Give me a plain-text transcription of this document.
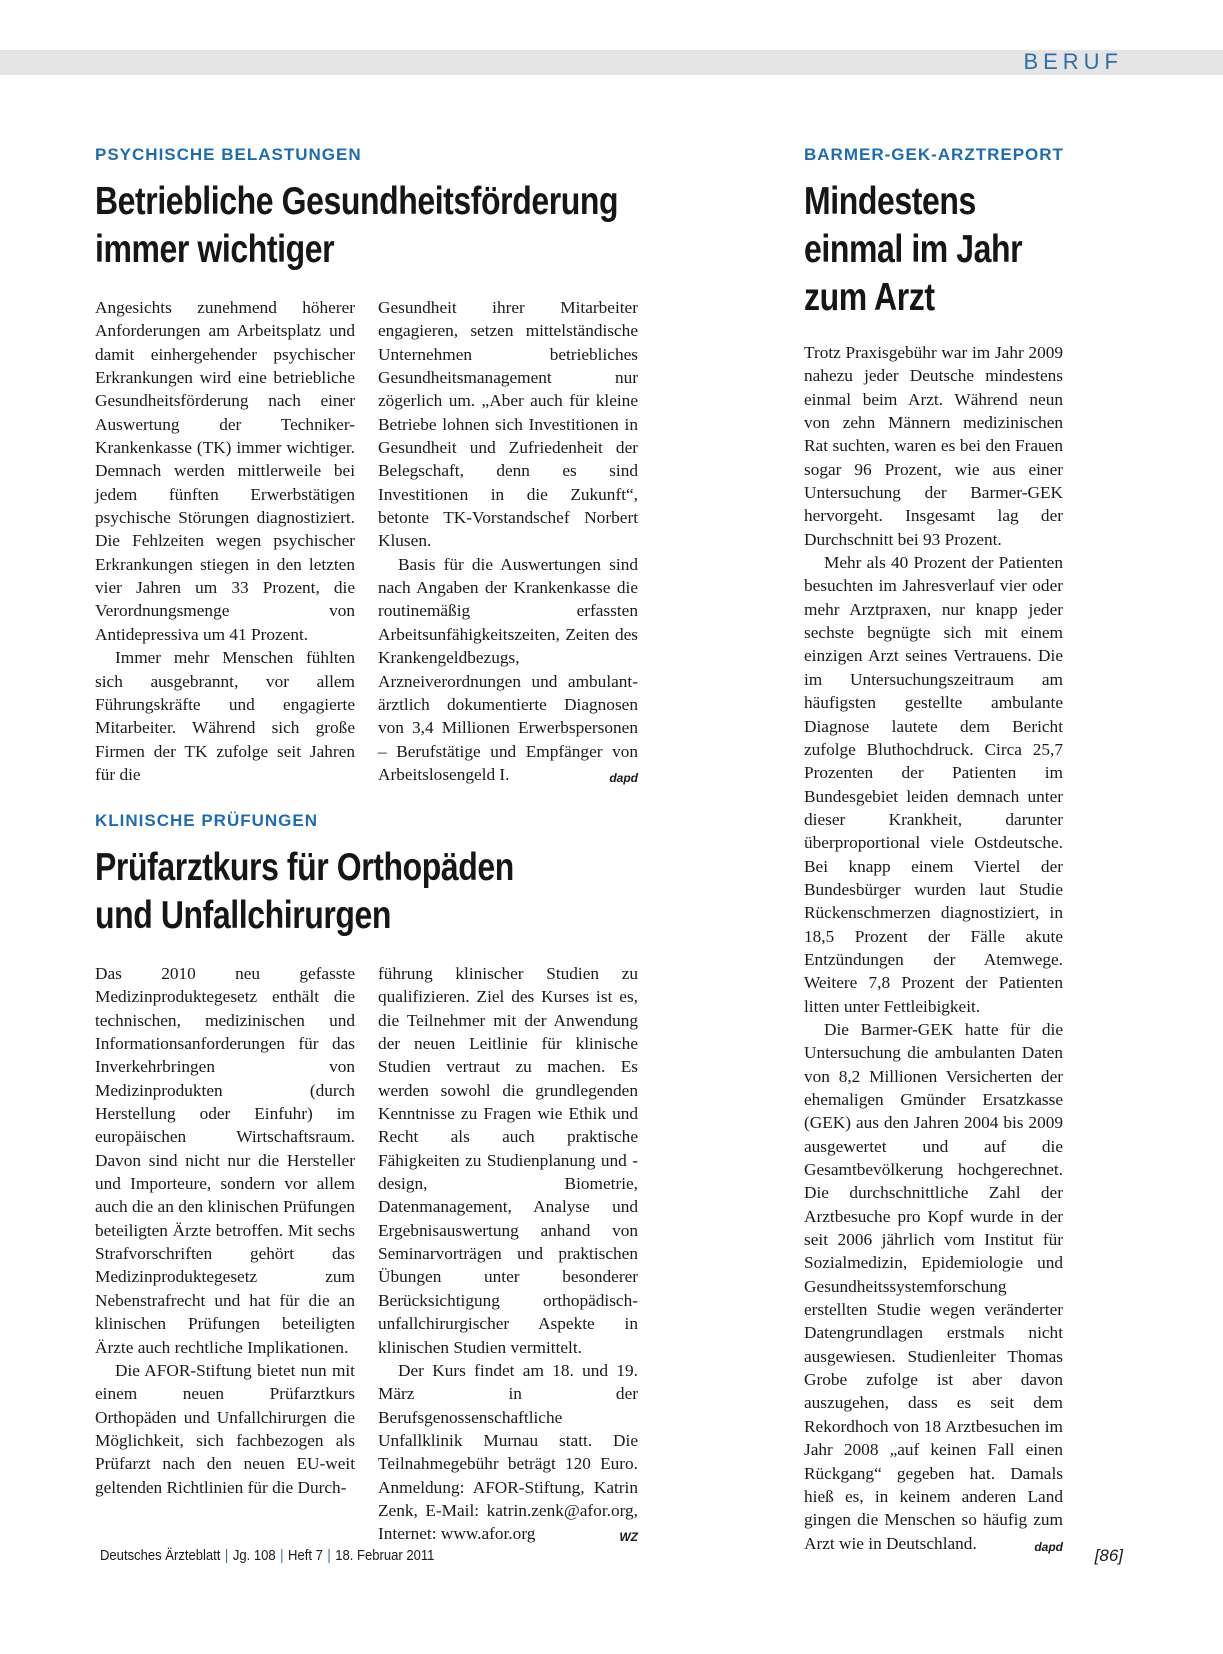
BERUF
PSYCHISCHE BELASTUNGEN
Betriebliche Gesundheitsförderung
immer wichtiger

Angesichts zunehmend höherer Anforderungen am Arbeitsplatz und damit einhergehender psychischer Erkrankungen wird eine betriebliche Gesundheitsförderung nach einer Auswertung der Techniker-Krankenkasse (TK) immer wichtiger. Demnach werden mittlerweile bei jedem fünften Erwerbstätigen psychische Störungen diagnostiziert. Die Fehlzeiten wegen psychischer Erkrankungen stiegen in den letzten vier Jahren um 33 Prozent, die Verordnungsmenge von Antidepressiva um 41 Prozent.

Immer mehr Menschen fühlten sich ausgebrannt, vor allem Führungskräfte und engagierte Mitarbeiter. Während sich große Firmen der TK zufolge seit Jahren für die

Gesundheit ihrer Mitarbeiter engagieren, setzen mittelständische Unternehmen betriebliches Gesundheitsmanagement nur zögerlich um. „Aber auch für kleine Betriebe lohnen sich Investitionen in Gesundheit und Zufriedenheit der Belegschaft, denn es sind Investitionen in die Zukunft“, betonte TK-Vorstandschef Norbert Klusen.

Basis für die Auswertungen sind nach Angaben der Krankenkasse die routinemäßig erfassten Arbeitsunfähigkeitszeiten, Zeiten des Krankengeldbezugs, Arzneiverordnungen und ambulant-ärztlich dokumentierte Diagnosen von 3,4 Millionen Erwerbspersonen – Berufstätige und Empfänger von Arbeitslosengeld I.	dapd

KLINISCHE PRÜFUNGEN
Prüfarztkurs für Orthopäden
und Unfallchirurgen

Das 2010 neu gefasste Medizinproduktegesetz enthält die technischen, medizinischen und Informationsanforderungen für das Inverkehrbringen von Medizinprodukten (durch Herstellung oder Einfuhr) im europäischen Wirtschaftsraum. Davon sind nicht nur die Hersteller und Importeure, sondern vor allem auch die an den klinischen Prüfungen beteiligten Ärzte betroffen. Mit sechs Strafvorschriften gehört das Medizinproduktegesetz zum Nebenstrafrecht und hat für die an klinischen Prüfungen beteiligten Ärzte auch rechtliche Implikationen.

Die AFOR-Stiftung bietet nun mit einem neuen Prüfarztkurs Orthopäden und Unfallchirurgen die Möglichkeit, sich fachbezogen als Prüfarzt nach den neuen EU-weit geltenden Richtlinien für die Durch-

führung klinischer Studien zu qualifizieren. Ziel des Kurses ist es, die Teilnehmer mit der Anwendung der neuen Leitlinie für klinische Studien vertraut zu machen. Es werden sowohl die grundlegenden Kenntnisse zu Fragen wie Ethik und Recht als auch praktische Fähigkeiten zu Studienplanung und -design, Biometrie, Datenmanagement, Analyse und Ergebnisauswertung anhand von Seminarvorträgen und praktischen Übungen unter besonderer Berücksichtigung orthopädisch-unfallchirurgischer Aspekte in klinischen Studien vermittelt.

Der Kurs findet am 18. und 19. März in der Berufsgenossenschaftliche Unfallklinik Murnau statt. Die Teilnahmegebühr beträgt 120 Euro. Anmeldung: AFOR-Stiftung, Katrin Zenk, E-Mail: katrin.zenk@afor.org, Internet: www.afor.org	WZ

BARMER-GEK-ARZTREPORT
Mindestens
einmal im Jahr
zum Arzt

Trotz Praxisgebühr war im Jahr 2009 nahezu jeder Deutsche mindestens einmal beim Arzt. Während neun von zehn Männern medizinischen Rat suchten, waren es bei den Frauen sogar 96 Prozent, wie aus einer Untersuchung der Barmer-GEK hervorgeht. Insgesamt lag der Durchschnitt bei 93 Prozent.

Mehr als 40 Prozent der Patienten besuchten im Jahresverlauf vier oder mehr Arztpraxen, nur knapp jeder sechste begnügte sich mit einem einzigen Arzt seines Vertrauens. Die im Untersuchungszeitraum am häufigsten gestellte ambulante Diagnose lautete dem Bericht zufolge Bluthochdruck. Circa 25,7 Prozenten der Patienten im Bundesgebiet leiden demnach unter dieser Krankheit, darunter überproportional viele Ostdeutsche. Bei knapp einem Viertel der Bundesbürger wurden laut Studie Rückenschmerzen diagnostiziert, in 18,5 Prozent der Fälle akute Entzündungen der Atemwege. Weitere 7,8 Prozent der Patienten litten unter Fettleibigkeit.

Die Barmer-GEK hatte für die Untersuchung die ambulanten Daten von 8,2 Millionen Versicherten der ehemaligen Gmünder Ersatzkasse (GEK) aus den Jahren 2004 bis 2009 ausgewertet und auf die Gesamtbevölkerung hochgerechnet. Die durchschnittliche Zahl der Arztbesuche pro Kopf wurde in der seit 2006 jährlich vom Institut für Sozialmedizin, Epidemiologie und Gesundheitssystemforschung erstellten Studie wegen veränderter Datengrundlagen erstmals nicht ausgewiesen. Studienleiter Thomas Grobe zufolge ist aber davon auszugehen, dass es seit dem Rekordhoch von 18 Arztbesuchen im Jahr 2008 „auf keinen Fall einen Rückgang“ gegeben hat. Damals hieß es, in keinem anderen Land gingen die Menschen so häufig zum Arzt wie in Deutschland.	dapd

Deutsches Ärzteblatt | Jg. 108 | Heft 7 | 18. Februar 2011	[86]
